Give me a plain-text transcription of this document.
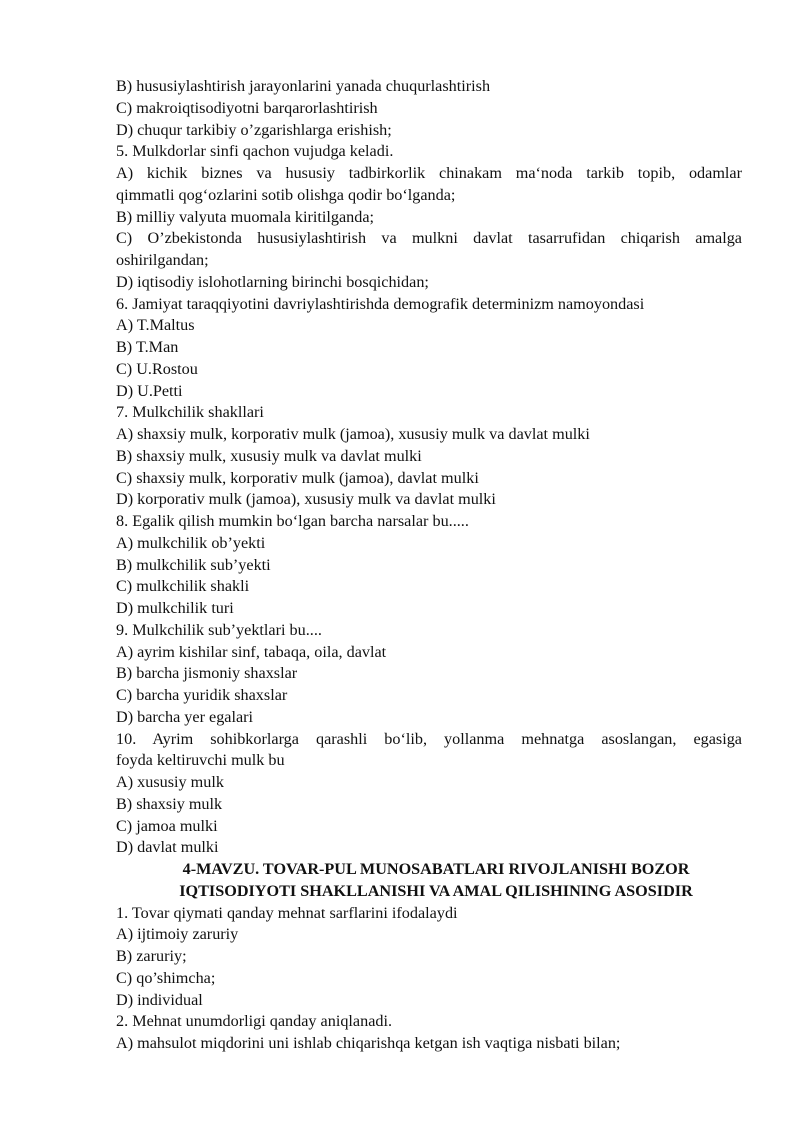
B) hususiylashtirish jarayonlarini yanada chuqurlashtirish
C) makroiqtisodiyotni barqarorlashtirish
D) chuqur tarkibiy o’zgarishlarga erishish;
5. Mulkdorlar sinfi qachon vujudga keladi.
A) kichik biznes va hususiy tadbirkorlik chinakam ma‘noda tarkib topib, odamlar
qimmatli qog‘ozlarini sotib olishga qodir bo‘lganda;
B) milliy valyuta muomala kiritilganda;
C) O’zbekistonda hususiylashtirish va mulkni davlat tasarrufidan chiqarish amalga
oshirilgandan;
D) iqtisodiy islohotlarning birinchi bosqichidan;
6. Jamiyat taraqqiyotini davriylashtirishda demografik determinizm namoyondasi
A) T.Maltus
B) T.Man
C) U.Rostou
D) U.Petti
7. Mulkchilik shakllari
A) shaxsiy mulk, korporativ mulk (jamoa), xususiy mulk va davlat mulki
B) shaxsiy mulk, xususiy mulk va davlat mulki
C) shaxsiy mulk, korporativ mulk (jamoa), davlat mulki
D) korporativ mulk (jamoa), xususiy mulk va davlat mulki
8. Egalik qilish mumkin bo‘lgan barcha narsalar bu.....
A) mulkchilik ob’yekti
B) mulkchilik sub’yekti
C) mulkchilik shakli
D) mulkchilik turi
9. Mulkchilik sub’yektlari bu....
A) ayrim kishilar sinf, tabaqa, oila, davlat
B) barcha jismoniy shaxslar
C) barcha yuridik shaxslar
D) barcha yer egalari
10. Ayrim sohibkorlarga qarashli bo‘lib, yollanma mehnatga asoslangan, egasiga
foyda keltiruvchi mulk bu
A) xususiy mulk
B) shaxsiy mulk
C) jamoa mulki
D) davlat mulki
4-MAVZU. TOVAR-PUL MUNOSABATLARI RIVOJLANISHI BOZOR
IQTISODIYOTI SHAKLLANISHI VA AMAL QILISHINING ASOSIDIR
1. Tovar qiymati qanday mehnat sarflarini ifodalaydi
A) ijtimoiy zaruriy
B) zaruriy;
C) qo’shimcha;
D) individual
2. Mehnat unumdorligi qanday aniqlanadi.
A) mahsulot miqdorini uni ishlab chiqarishqa ketgan ish vaqtiga nisbati bilan;
